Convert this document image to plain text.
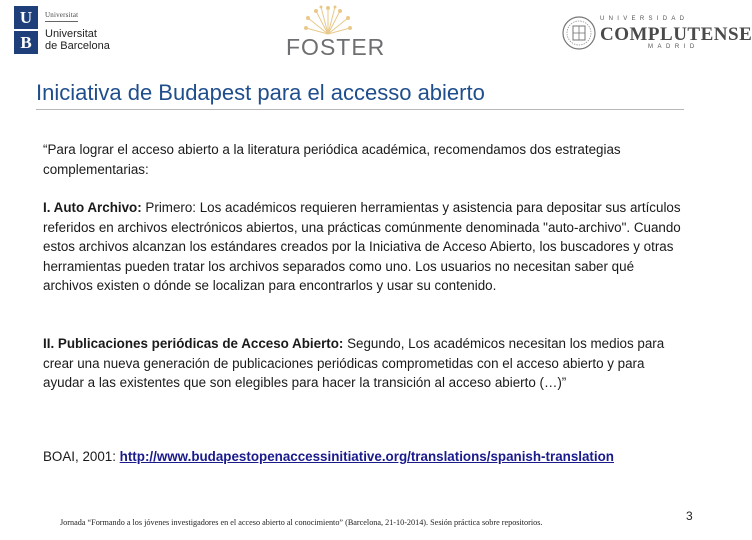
U
B
Universitat
Universitat
de Barcelona	FOSTER
UNIVERSIDAD
COMPLUTENSE
MADRID
Iniciativa de Budapest para el accesso abierto

“Para lograr el acceso abierto a la literatura periódica académica, recomendamos dos estrategias complementarias:

I. Auto Archivo: Primero: Los académicos requieren herramientas y asistencia para depositar sus artículos referidos en archivos electrónicos abiertos, una prácticas comúnmente denominada "auto-archivo". Cuando estos archivos alcanzan los estándares creados por la Iniciativa de Acceso Abierto, los buscadores y otras herramientas pueden tratar los archivos separados como uno. Los usuarios no necesitan saber qué archivos existen o dónde se localizan para encontrarlos y usar su contenido.

II. Publicaciones periódicas de Acceso Abierto: Segundo, Los académicos necesitan los medios para crear una nueva generación de publicaciones periódicas comprometidas con el acceso abierto y para ayudar a las existentes que son elegibles para hacer la transición al acceso abierto (…)”

BOAI, 2001: http://www.budapestopenaccessinitiative.org/translations/spanish-translation

Jornada “Formando a los jóvenes investigadores en el acceso abierto al conocimiento” (Barcelona, 21-10-2014). Sesión práctica sobre repositorios.	3
